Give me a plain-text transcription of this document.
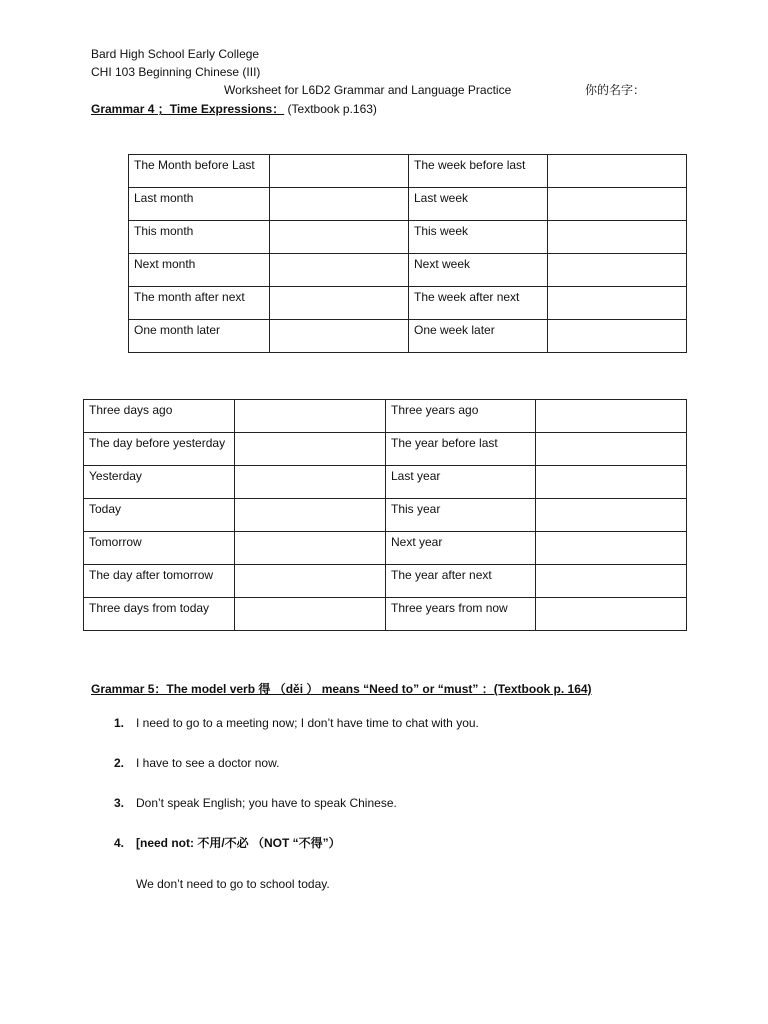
Bard High School Early College
CHI 103 Beginning Chinese (III)
Worksheet for L6D2 Grammar and Language Practice	你的名字：
Grammar 4 ；Time Expressions： (Textbook p.163)
The Month before Last		The week before last	
Last month		Last week	
This month		This week	
Next month		Next week	
The month after next		The week after next	
One month later		One week later	
Three days ago		Three years ago	
The day before yesterday		The year before last	
Yesterday		Last year	
Today		This year	
Tomorrow		Next year	
The day after tomorrow		The year after next	
Three days from today		Three years from now	
Grammar 5：The model verb 得 （děi ） means “Need to” or “must” ：(Textbook p. 164)
1. I need to go to a meeting now; I don’t have time to chat with you.
2. I have to see a doctor now.
3. Don’t speak English; you have to speak Chinese.
4. [need not: 不用/不必 （NOT “不得”）
We don’t need to go to school today.
